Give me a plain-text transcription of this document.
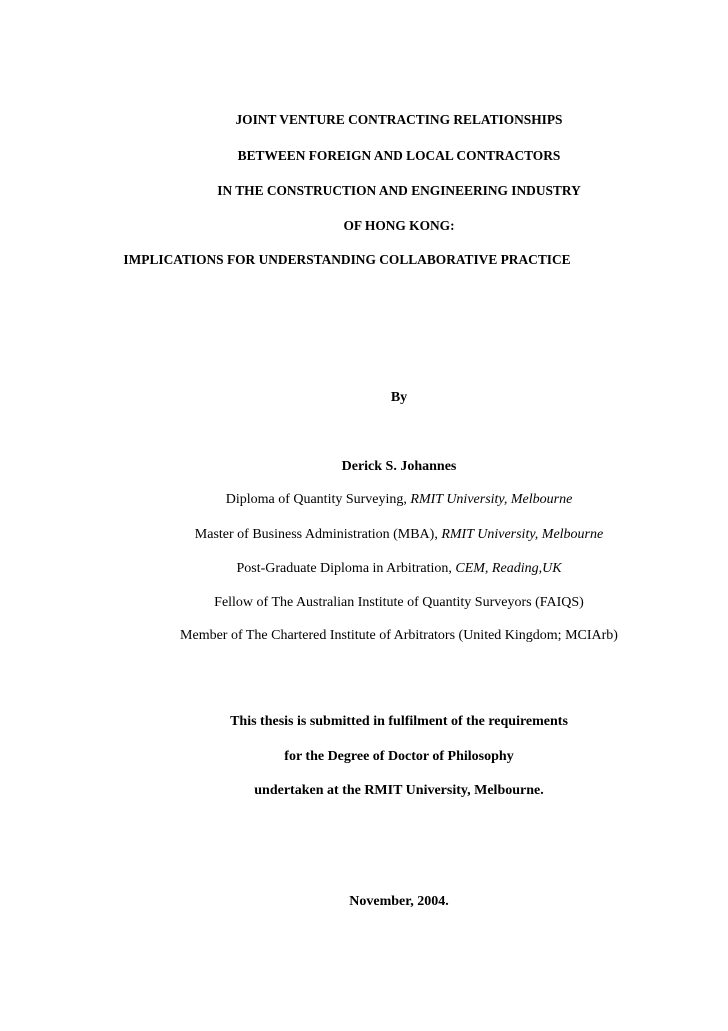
JOINT VENTURE CONTRACTING RELATIONSHIPS
BETWEEN FOREIGN AND LOCAL CONTRACTORS
IN THE CONSTRUCTION AND ENGINEERING INDUSTRY
OF HONG KONG:
IMPLICATIONS FOR UNDERSTANDING COLLABORATIVE PRACTICE
By
Derick S. Johannes
Diploma of Quantity Surveying, RMIT University, Melbourne
Master of Business Administration (MBA), RMIT University, Melbourne
Post-Graduate Diploma in Arbitration, CEM, Reading,UK
Fellow of The Australian Institute of Quantity Surveyors (FAIQS)
Member of The Chartered Institute of Arbitrators (United Kingdom; MCIArb)
This thesis is submitted in fulfilment of the requirements
for the Degree of Doctor of Philosophy
undertaken at the RMIT University, Melbourne.
November, 2004.
